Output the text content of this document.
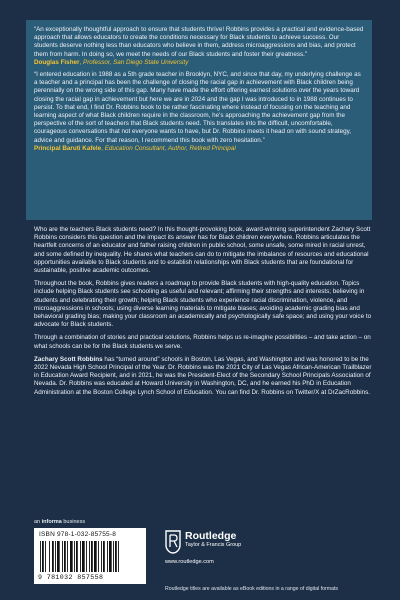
“An exceptionally thoughtful approach to ensure that students thrive! Robbins provides a practical and evidence-based approach that allows educators to create the conditions necessary for Black students to achieve success. Our students deserve nothing less than educators who believe in them, address microaggressions and bias, and protect them from harm. In doing so, we meet the needs of our Black students and foster their greatness.”

Douglas Fisher, Professor, San Diego State University

“I entered education in 1988 as a 5th grade teacher in Brooklyn, NYC, and since that day, my underlying challenge as a teacher and a principal has been the challenge of closing the racial gap in achievement with Black children being perennially on the wrong side of this gap. Many have made the effort offering earnest solutions over the years toward closing the racial gap in achievement but here we are in 2024 and the gap I was introduced to in 1988 continues to persist. To that end, I find Dr. Robbins book to be rather fascinating where instead of focusing on the teaching and learning aspect of what Black children require in the classroom, he's approaching the achievement gap from the perspective of the sort of teachers that Black students need. This translates into the difficult, uncomfortable, courageous conversations that not everyone wants to have, but Dr. Robbins meets it head on with sound strategy, advice and guidance. For that reason, I recommend this book with zero hesitation.”

Principal Baruti Kafele, Education Consultant, Author, Retired Principal

Who are the teachers Black students need? In this thought-provoking book, award-winning superintendent Zachary Scott Robbins considers this question and the impact its answer has for Black children everywhere. Robbins articulates the heartfelt concerns of an educator and father raising children in public school, some unsafe, some mired in racial unrest, and some defined by inequality. He shares what teachers can do to mitigate the imbalance of resources and educational opportunities available to Black students and to establish relationships with Black students that are foundational for sustainable, positive academic outcomes.

Throughout the book, Robbins gives readers a roadmap to provide Black students with high-quality education. Topics include helping Black students see schooling as useful and relevant; affirming their strengths and interests; believing in students and celebrating their growth; helping Black students who experience racial discrimination, violence, and microaggressions in schools; using diverse learning materials to mitigate biases; avoiding academic grading bias and behavioral grading bias; making your classroom an academically and psychologically safe space; and using your voice to advocate for Black students.

Through a combination of stories and practical solutions, Robbins helps us re-imagine possibilities – and take action – on what schools can be for the Black students we serve.

Zachary Scott Robbins has “turned around” schools in Boston, Las Vegas, and Washington and was honored to be the 2022 Nevada High School Principal of the Year. Dr. Robbins was the 2021 City of Las Vegas African-American Trailblazer in Education Award Recipient, and in 2021, he was the President-Elect of the Secondary School Principals Association of Nevada. Dr. Robbins was educated at Howard University in Washington, DC, and he earned his PhD in Education Administration at the Boston College Lynch School of Education. You can find Dr. Robbins on Twitter/X at DrZacRobbins.

an informa business
ISBN 978-1-032-85755-8
9 781032 857558
Routledge
Taylor & Francis Group
www.routledge.com
Routledge titles are available as eBook editions in a range of digital formats
